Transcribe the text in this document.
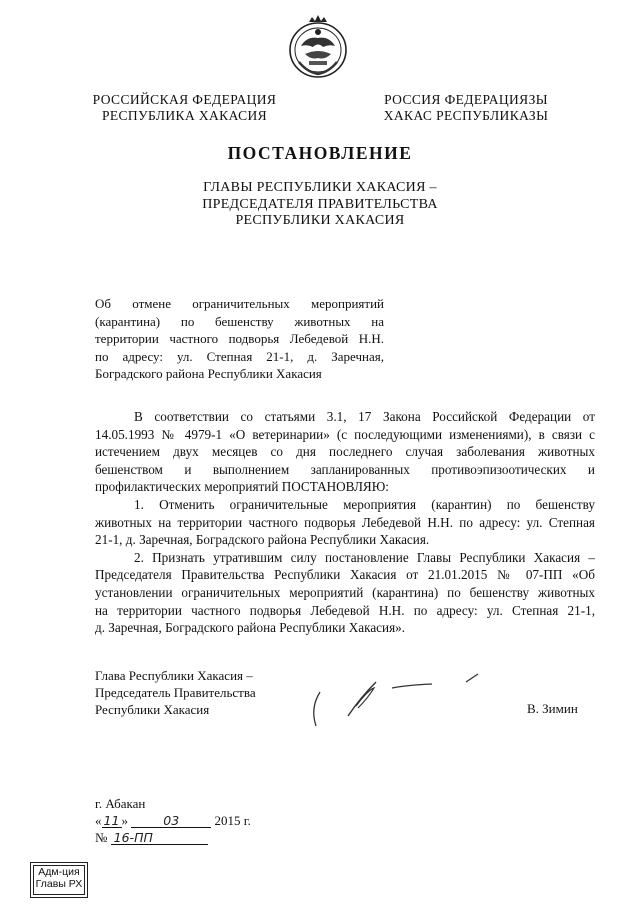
РОССИЙСКАЯ ФЕДЕРАЦИЯ
РЕСПУБЛИКА ХАКАСИЯ
РОССИЯ ФЕДЕРАЦИЯЗЫ
ХАКАС РЕСПУБЛИКАЗЫ
ПОСТАНОВЛЕНИЕ
ГЛАВЫ РЕСПУБЛИКИ ХАКАСИЯ –
ПРЕДСЕДАТЕЛЯ ПРАВИТЕЛЬСТВА
РЕСПУБЛИКИ ХАКАСИЯ
Об отмене ограничительных мероприятий
(карантина) по бешенству животных на
территории частного подворья Лебедевой Н.Н.
по адресу: ул. Степная 21-1, д. Заречная,
Боградского района Республики Хакасия
В соответствии со статьями 3.1, 17 Закона Российской Федерации от
14.05.1993 № 4979-1 «О ветеринарии» (с последующими изменениями), в связи с
истечением двух месяцев со дня последнего случая заболевания животных
бешенством и выполнением запланированных противоэпизоотических и
профилактических мероприятий ПОСТАНОВЛЯЮ:
1. Отменить ограничительные мероприятия (карантин) по бешенству
животных на территории частного подворья Лебедевой Н.Н. по адресу: ул. Степная
21-1, д. Заречная, Боградского района Республики Хакасия.
2. Признать утратившим силу постановление Главы Республики Хакасия –
Председателя Правительства Республики Хакасия от 21.01.2015 № 07-ПП «Об
установлении ограничительных мероприятий (карантина) по бешенству животных
на территории частного подворья Лебедевой Н.Н. по адресу: ул. Степная 21-1,
д. Заречная, Боградского района Республики Хакасия».
Глава Республики Хакасия –
Председатель Правительства
Республики Хакасия	В. Зимин
г. Абакан
« 11 »	03	2015 г.
№ 16-ПП
Адм-ция
Главы РХ
